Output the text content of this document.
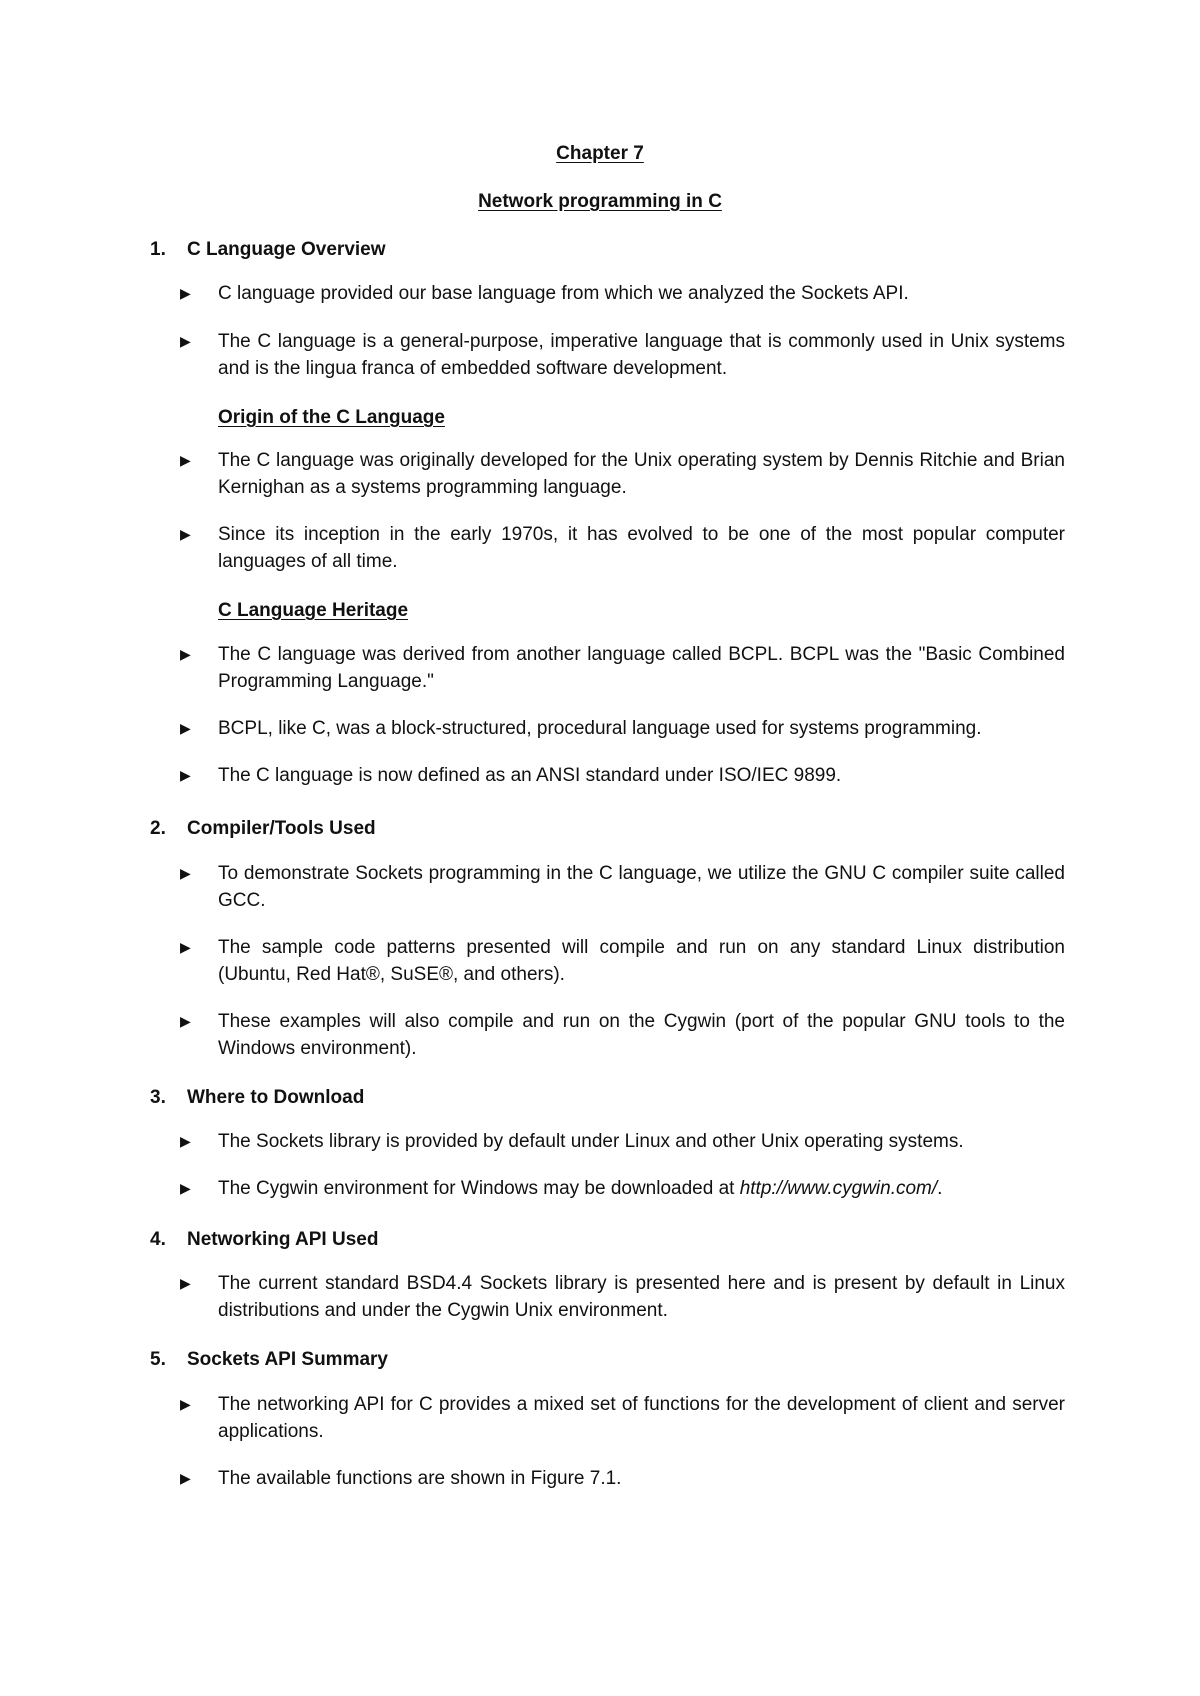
Chapter 7
Network programming in C
1. C Language Overview
▶ C language provided our base language from which we analyzed the Sockets API.
▶ The C language is a general-purpose, imperative language that is commonly used in Unix systems and is the lingua franca of embedded software development.
Origin of the C Language
▶ The C language was originally developed for the Unix operating system by Dennis Ritchie and Brian Kernighan as a systems programming language.
▶ Since its inception in the early 1970s, it has evolved to be one of the most popular computer languages of all time.
C Language Heritage
▶ The C language was derived from another language called BCPL. BCPL was the "Basic Combined Programming Language."
▶ BCPL, like C, was a block-structured, procedural language used for systems programming.
▶ The C language is now defined as an ANSI standard under ISO/IEC 9899.
2. Compiler/Tools Used
▶ To demonstrate Sockets programming in the C language, we utilize the GNU C compiler suite called GCC.
▶ The sample code patterns presented will compile and run on any standard Linux distribution (Ubuntu, Red Hat®, SuSE®, and others).
▶ These examples will also compile and run on the Cygwin (port of the popular GNU tools to the Windows environment).
3. Where to Download
▶ The Sockets library is provided by default under Linux and other Unix operating systems.
▶ The Cygwin environment for Windows may be downloaded at http://www.cygwin.com/.
4. Networking API Used
▶ The current standard BSD4.4 Sockets library is presented here and is present by default in Linux distributions and under the Cygwin Unix environment.
5. Sockets API Summary
▶ The networking API for C provides a mixed set of functions for the development of client and server applications.
▶ The available functions are shown in Figure 7.1.
